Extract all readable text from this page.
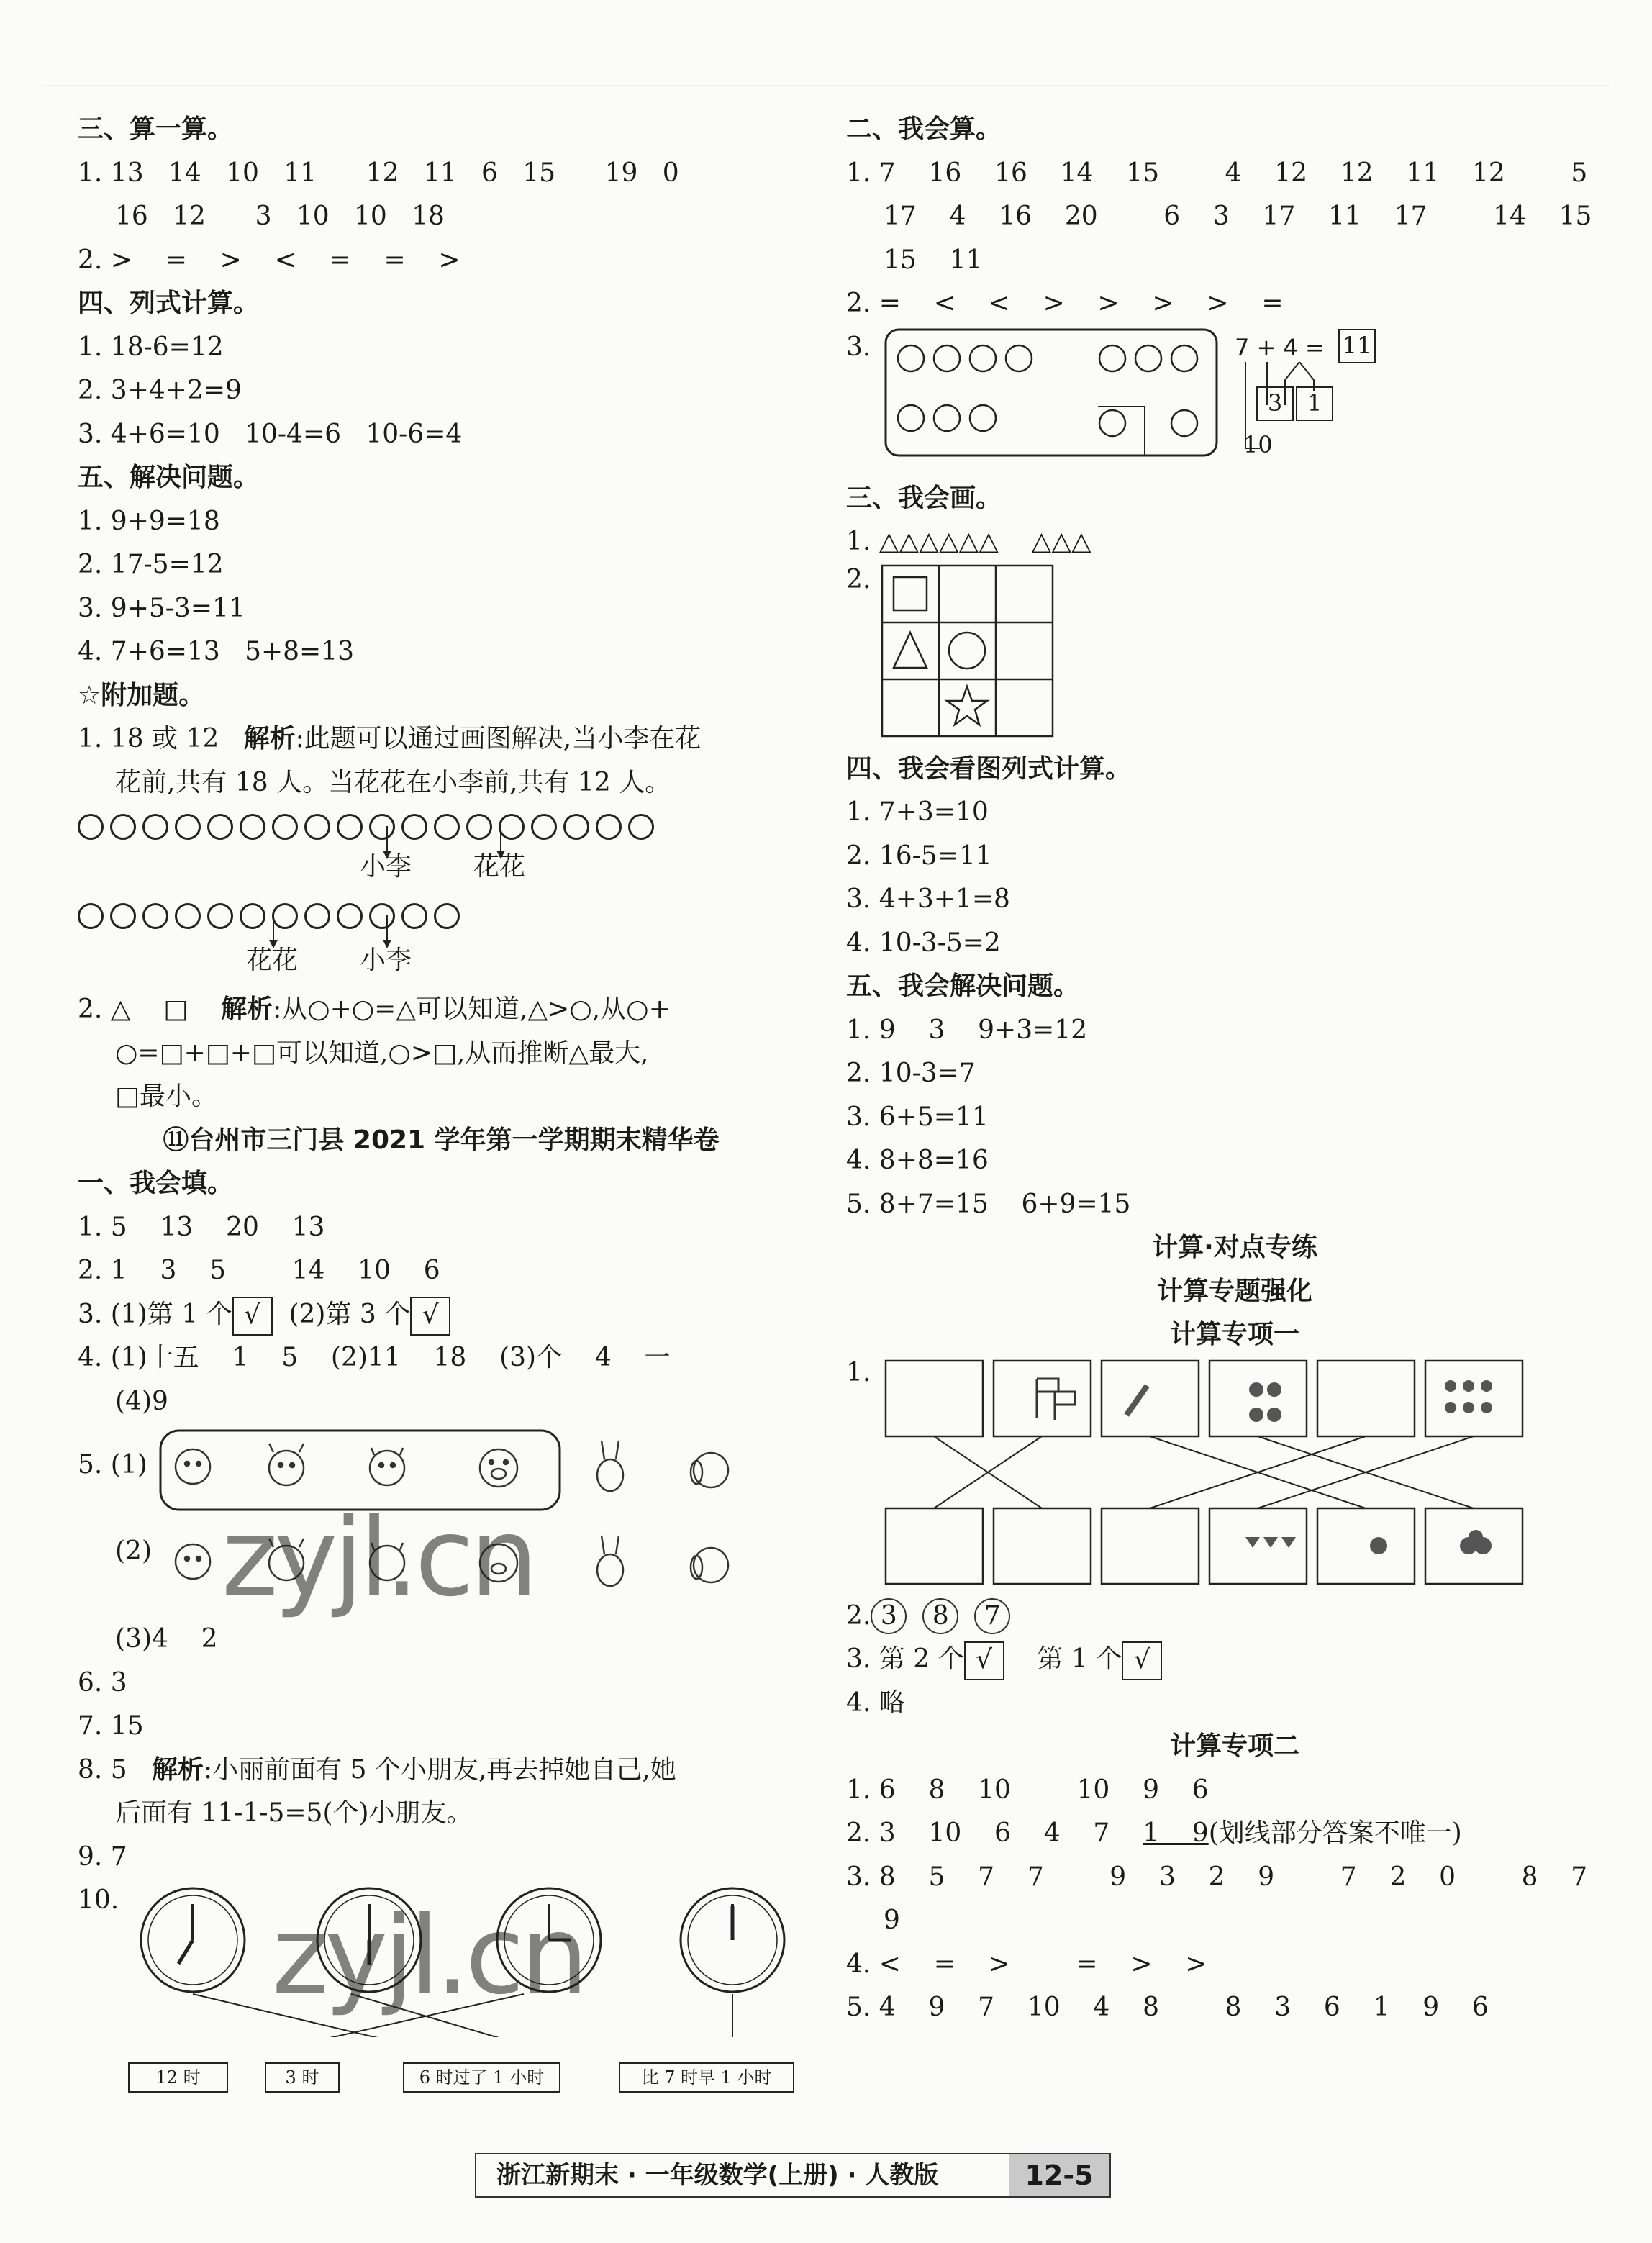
三、算一算。
1. 13   14   10   11      12   11   6   15      19   0
16   12      3   10   10   18
2. >    =    >    <    =    =    >
四、列式计算。
1. 18-6=12
2. 3+4+2=9
3. 4+6=10   10-4=6   10-6=4
五、解决问题。
1. 9+9=18
2. 17-5=12
3. 9+5-3=11
4. 7+6=13   5+8=13
☆附加题。
1. 18 或 12   解析:此题可以通过画图解决,当小李在花
花前,共有 18 人。当花花在小李前,共有 12 人。
小李 花花
花花 小李
2. △    □    解析:从○+○=△可以知道,△>○,从○+
○=□+□+□可以知道,○>□,从而推断△最大,
□最小。
⑪台州市三门县 2021 学年第一学期期末精华卷
一、我会填。
1. 5    13    20    13
2. 1    3    5        14    10    6
3. (1)第 1 个 √  (2)第 3 个 √
4. (1)十五    1    5    (2)11    18    (3)个    4    一
(4)9
5. (1)
(2) zyjl.cn
(3)4    2
6. 3
7. 15
8. 5   解析:小丽前面有 5 个小朋友,再去掉她自己,她
后面有 11-1-5=5(个)小朋友。
9. 7
10. zyjl.cn
12 时	3 时	6 时过了 1 小时	比 7 时早 1 小时
二、我会算。
1. 7    16    16    14    15        4    12    12    11    12        5
17    4    16    20        6    3    17    11    17        14    15
15    11
2. =    <    <    >    >    >    >    =
3.	7 + 4 = 11
3	1
10
三、我会画。
1. △△△△△△    △△△
2.
四、我会看图列式计算。
1. 7+3=10
2. 16-5=11
3. 4+3+1=8
4. 10-3-5=2
五、我会解决问题。
1. 9    3    9+3=12
2. 10-3=7
3. 6+5=11
4. 8+8=16
5. 8+7=15    6+9=15
计算·对点专练
计算专题强化
计算专项一
1.
2. 3 8 7
3. 第 2 个 √    第 1 个 √
4. 略
计算专项二
1. 6    8    10        10    9    6
2. 3    10    6    4    7    1    9(划线部分答案不唯一)
3. 8    5    7    7        9    3    2    9        7    2    0        8    7
9
4. <    =    >        =    >    >
5. 4    9    7    10    4    8        8    3    6    1    9    6
浙江新期末 · 一年级数学(上册) · 人教版	12-5
